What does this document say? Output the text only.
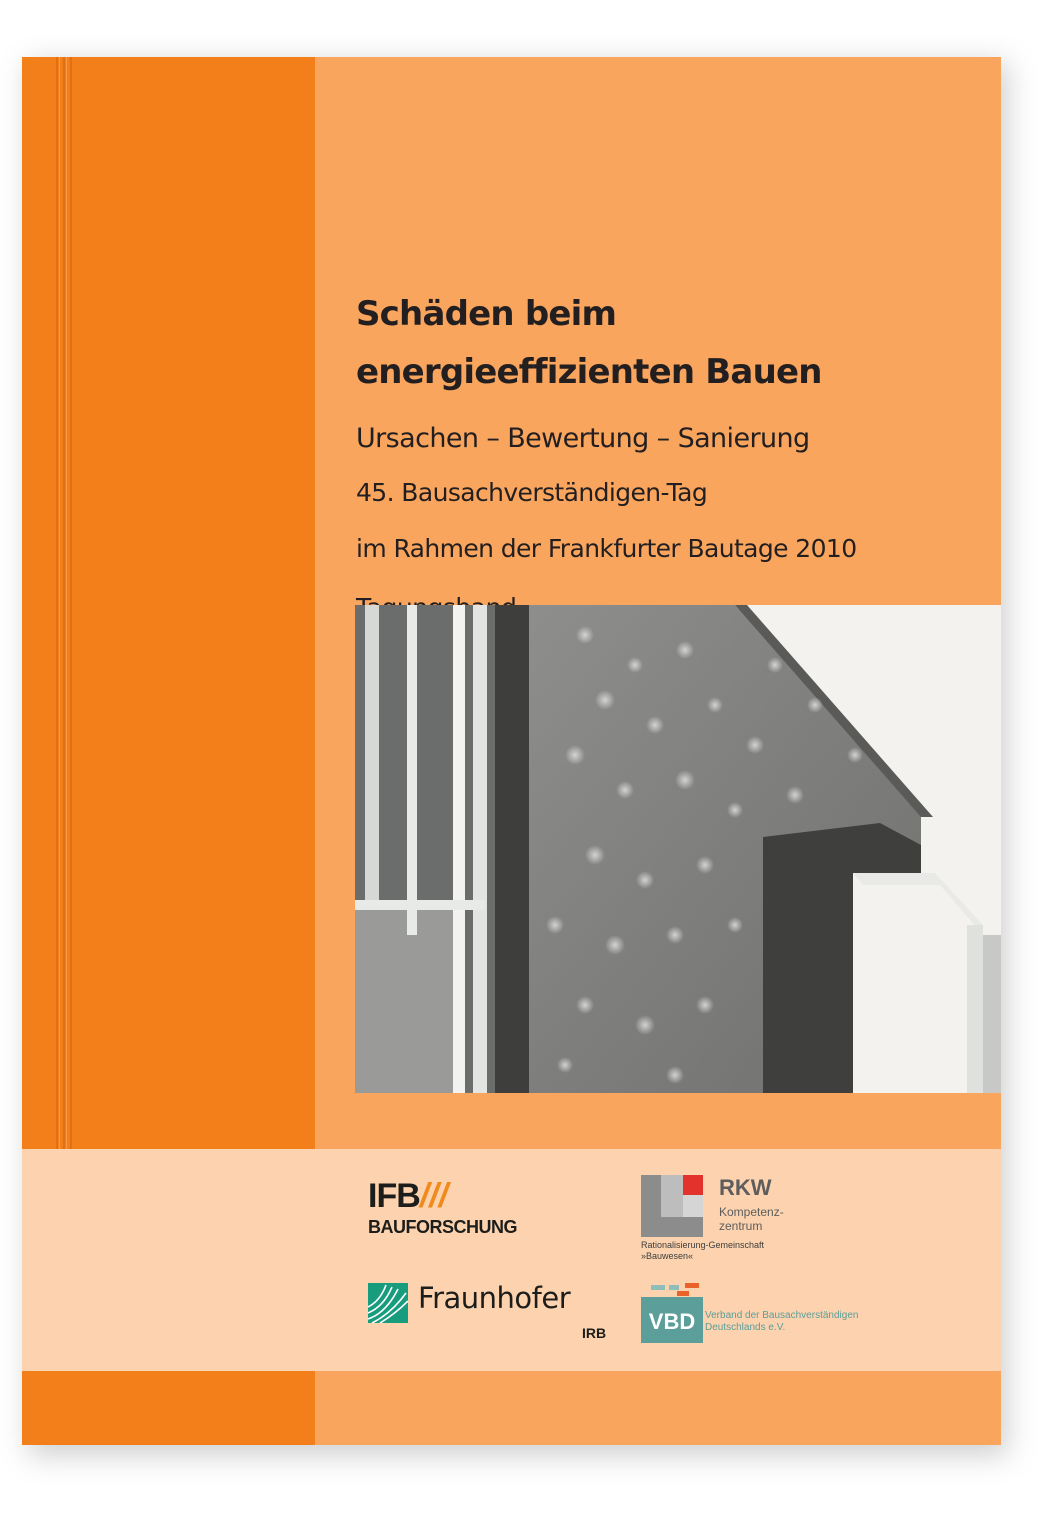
Schäden beim
energieeffizienten Bauen
Ursachen – Bewertung – Sanierung
45. Bausachverständigen-Tag
im Rahmen der Frankfurter Bautage 2010
IFB///
BAUFORSCHUNG
RKW
Kompetenz-
zentrum
Rationalisierung-Gemeinschaft
»Bauwesen«
Fraunhofer
IRB VBD Verband der Bausachverständigen
Deutschlands e.V.
